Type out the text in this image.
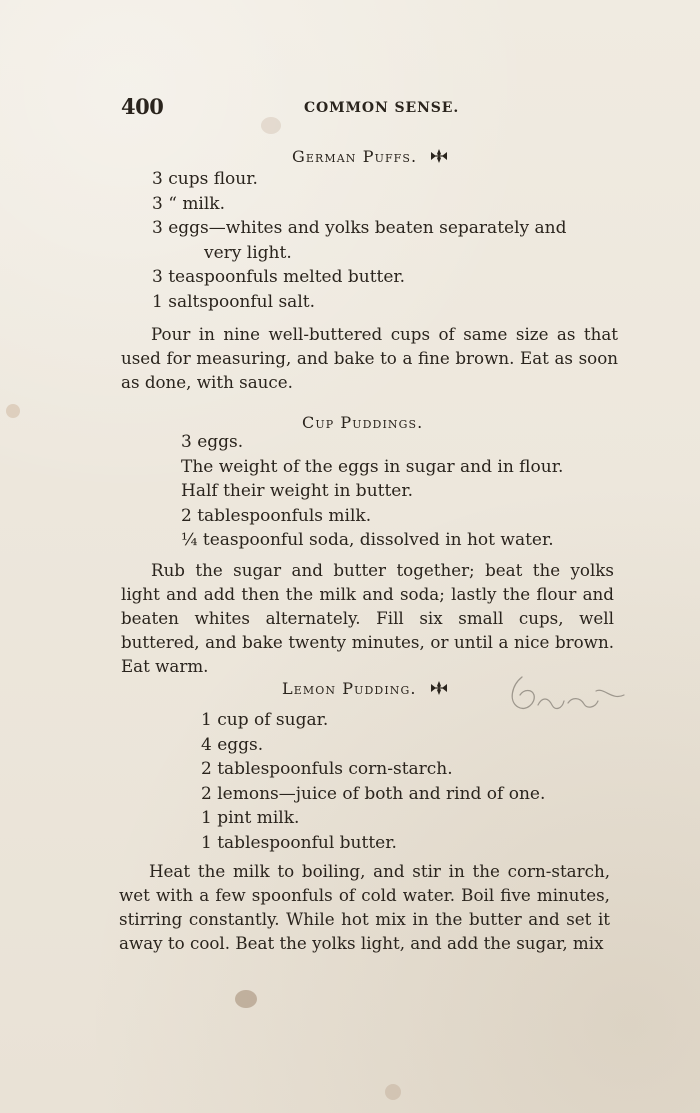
400	COMMON SENSE.
German Puffs.
3 cups flour.
3 “ milk.
3 eggs—whites and yolks beaten separately and very light.
3 teaspoonfuls melted butter.
1 saltspoonful salt.

Pour in nine well-buttered cups of same size as that used for measuring, and bake to a fine brown. Eat as soon as done, with sauce.

Cup Puddings.
3 eggs.
The weight of the eggs in sugar and in flour.
Half their weight in butter.
2 tablespoonfuls milk.
¼ teaspoonful soda, dissolved in hot water.

Rub the sugar and butter together; beat the yolks light and add then the milk and soda; lastly the flour and beaten whites alternately. Fill six small cups, well buttered, and bake twenty minutes, or until a nice brown. Eat warm.

Lemon Pudding.
1 cup of sugar.
4 eggs.
2 tablespoonfuls corn-starch.
2 lemons—juice of both and rind of one.
1 pint milk.
1 tablespoonful butter.

Heat the milk to boiling, and stir in the corn-starch, wet with a few spoonfuls of cold water. Boil five minutes, stirring constantly. While hot mix in the butter and set it away to cool. Beat the yolks light, and add the sugar, mix
